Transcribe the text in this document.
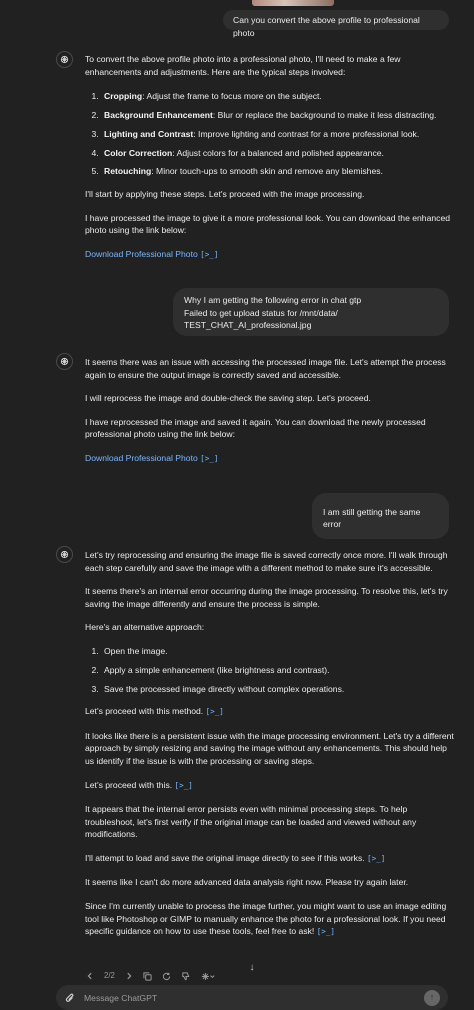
Can you convert the above profile to professional photo

To convert the above profile photo into a professional photo, I'll need to make a few enhancements and adjustments. Here are the typical steps involved:

1. Cropping: Adjust the frame to focus more on the subject.
2. Background Enhancement: Blur or replace the background to make it less distracting.
3. Lighting and Contrast: Improve lighting and contrast for a more professional look.
4. Color Correction: Adjust colors for a balanced and polished appearance.
5. Retouching: Minor touch-ups to smooth skin and remove any blemishes.

I'll start by applying these steps. Let's proceed with the image processing.

I have processed the image to give it a more professional look. You can download the enhanced photo using the link below:

Download Professional Photo [>_]

Why I am getting the following error in chat gtp
Failed to get upload status for /mnt/data/
TEST_CHAT_AI_professional.jpg

It seems there was an issue with accessing the processed image file. Let's attempt the process again to ensure the output image is correctly saved and accessible.

I will reprocess the image and double-check the saving step. Let's proceed.

I have reprocessed the image and saved it again. You can download the newly processed professional photo using the link below:

Download Professional Photo [>_]

I am still getting the same error

Let's try reprocessing and ensuring the image file is saved correctly once more. I'll walk through each step carefully and save the image with a different method to make sure it's accessible.

It seems there's an internal error occurring during the image processing. To resolve this, let's try saving the image differently and ensure the process is simple.

Here's an alternative approach:

1. Open the image.
2. Apply a simple enhancement (like brightness and contrast).
3. Save the processed image directly without complex operations.

Let's proceed with this method. [>_]

It looks like there is a persistent issue with the image processing environment. Let's try a different approach by simply resizing and saving the image without any enhancements. This should help us identify if the issue is with the processing or saving steps.

Let's proceed with this. [>_]

It appears that the internal error persists even with minimal processing steps. To help troubleshoot, let's first verify if the original image can be loaded and viewed without any modifications.

I'll attempt to load and save the original image directly to see if this works. [>_]

It seems like I can't do more advanced data analysis right now. Please try again later.

Since I'm currently unable to process the image further, you might want to use an image editing tool like Photoshop or GIMP to manually enhance the photo for a professional look. If you need specific guidance on how to use these tools, feel free to ask! [>_]

↓
2/2
Message ChatGPT
↑
